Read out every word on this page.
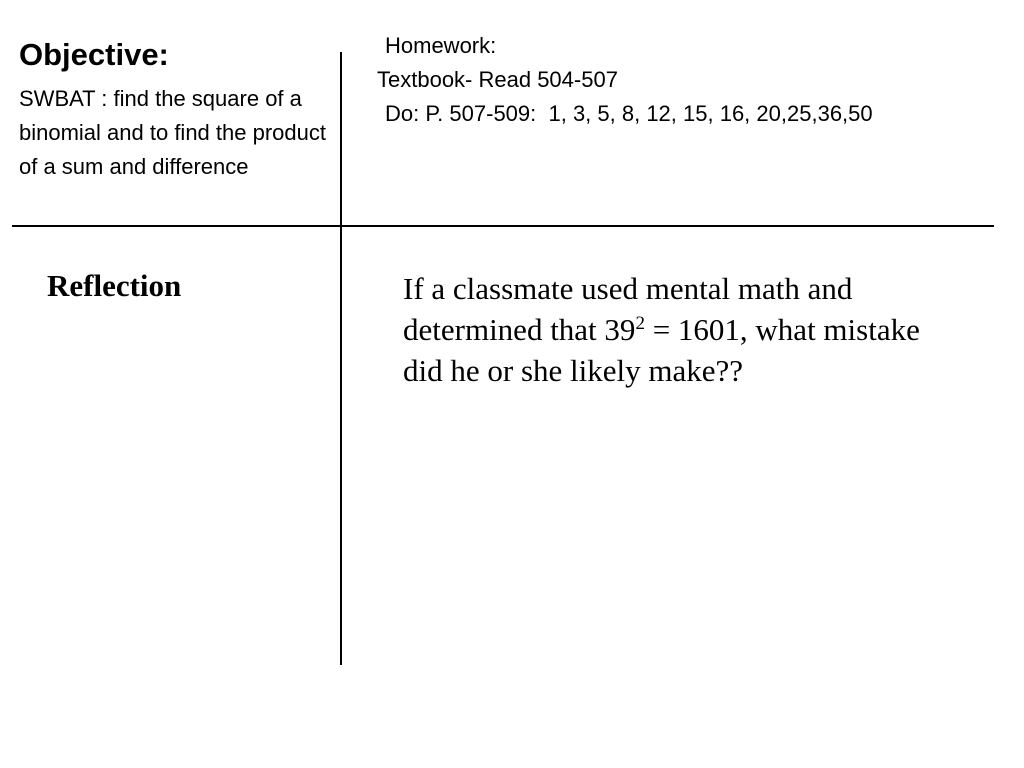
Objective:

SWBAT : find the square of a binomial and to find the product of a sum and difference

Homework:
Textbook- Read 504-507
Do: P. 507-509:  1, 3, 5, 8, 12, 15, 16, 20,25,36,50
Reflection	If a classmate used mental math and determined that $39^2 = 1601$, what mistake did he or she likely make??
